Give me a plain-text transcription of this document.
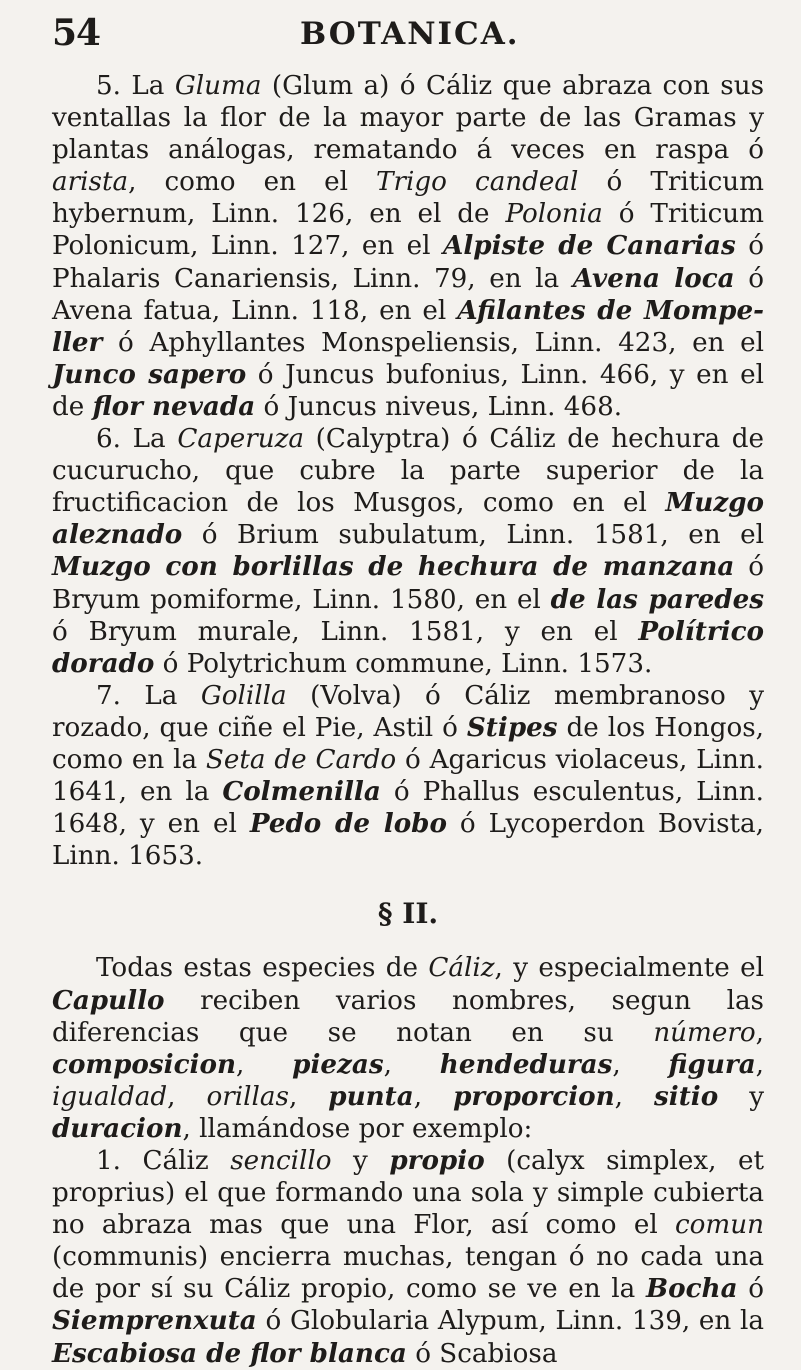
54	BOTANICA.

5. La Gluma (Glum a) ó Cáliz que abraza con sus ventallas la flor de la mayor parte de las Gramas y plantas análogas, rematando á veces en raspa ó arista, como en el Trigo candeal ó Triticum hybernum, Linn. 126, en el de Polonia ó Triticum Polonicum, Linn. 127, en el Alpiste de Canarias ó Phalaris Canariensis, Linn. 79, en la Avena loca ó Avena fatua, Linn. 118, en el Afilantes de Mompe-ller ó Aphyllantes Monspeliensis, Linn. 423, en el Junco sapero ó Juncus bufonius, Linn. 466, y en el de flor nevada ó Juncus niveus, Linn. 468.

6. La Caperuza (Calyptra) ó Cáliz de hechura de cucurucho, que cubre la parte superior de la fructificacion de los Musgos, como en el Muzgo aleznado ó Brium subulatum, Linn. 1581, en el Muzgo con borlillas de hechura de manzana ó Bryum pomiforme, Linn. 1580, en el de las paredes ó Bryum murale, Linn. 1581, y en el Polítrico dorado ó Polytrichum commune, Linn. 1573.

7. La Golilla (Volva) ó Cáliz membranoso y rozado, que ciñe el Pie, Astil ó Stipes de los Hongos, como en la Seta de Cardo ó Agaricus violaceus, Linn. 1641, en la Colmenilla ó Phallus esculentus, Linn. 1648, y en el Pedo de lobo ó Lycoperdon Bovista, Linn. 1653.

§ II.

Todas estas especies de Cáliz, y especialmente el Capullo reciben varios nombres, segun las diferencias que se notan en su número, composicion, piezas, hendeduras, figura, igualdad, orillas, punta, proporcion, sitio y duracion, llamándose por exemplo:

1. Cáliz sencillo y propio (calyx simplex, et proprius) el que formando una sola y simple cubierta no abraza mas que una Flor, así como el comun (communis) encierra muchas, tengan ó no cada una de por sí su Cáliz propio, como se ve en la Bocha ó Siemprenxuta ó Globularia Alypum, Linn. 139, en la Escabiosa de flor blanca ó Scabiosa
